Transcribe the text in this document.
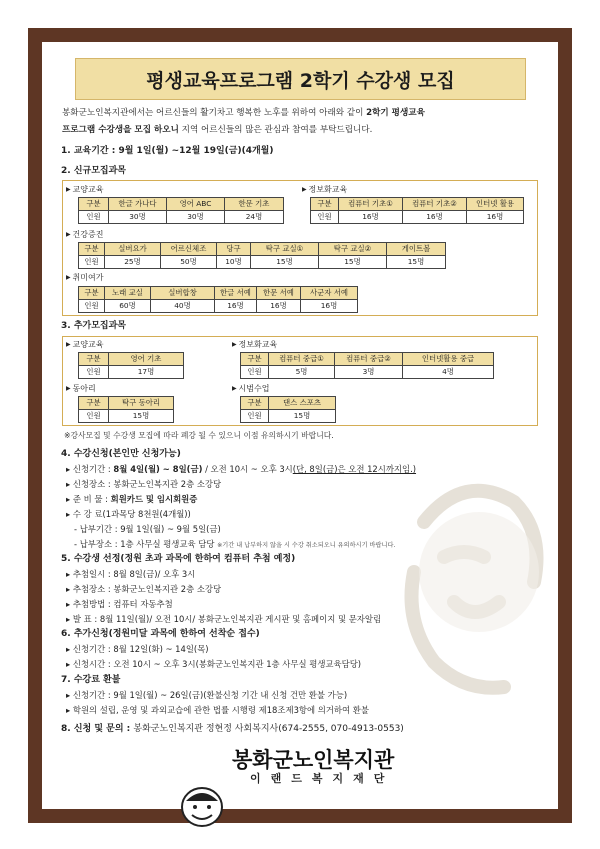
평생교육프로그램 2학기 수강생 모집
봉화군노인복지관에서는 어르신들의 활기차고 행복한 노후를 위하여 아래와 같이 2학기 평생교육
프로그램 수강생을 모집 하오니 지역 어르신들의 많은 관심과 참여를 부탁드립니다.
1. 교육기간 : 9월 1일(월) ~12월 19일(금)(4개월)
2. 신규모집과목
▶ 교양교육
구분	한글 가나다	영어 ABC	한문 기초
인원	30명	30명	24명
▶ 정보화교육
구분	컴퓨터 기초①	컴퓨터 기초②	인터넷 활용
인원	16명	16명	16명
▶ 건강증진
구분	실버요가	어르신체조	당구	탁구 교실①	탁구 교실②	게이트볼
인원	25명	50명	10명	15명	15명	15명
▶ 취미여가
구분	노래 교실	실버합창	한글 서예	한문 서예	사군자 서예
인원	60명	40명	16명	16명	16명
3. 추가모집과목
▶ 교양교육
구분	영어 기초
인원	17명
▶ 정보화교육
구분	컴퓨터 중급①	컴퓨터 중급②	인터넷활용 중급
인원	5명	3명	4명
▶ 동아리
구분	탁구 동아리
인원	15명
▶ 시범수업
구분	댄스 스포츠
인원	15명
※강사모집 및 수강생 모집에 따라 폐강 될 수 있으니 이점 유의하시기 바랍니다.
4. 수강신청(본인만 신청가능)
▸ 신청기간 : 8월 4일(월) ~ 8일(금) / 오전 10시 ~ 오후 3시(단, 8일(금)은 오전 12시까지임.)
▸ 신청장소 : 봉화군노인복지관 2층 소강당
▸ 준 비 물 : 회원카드 및 임시회원증
▸ 수 강 료(1과목당 8천원(4개월))
- 납부기간 : 9월 1일(월) ~ 9월 5일(금)
- 납부장소 : 1층 사무실 평생교육 담당 ※기간 내 납부하지 않을 시 수강 취소되오니 유의하시기 바랍니다.
5. 수강생 선정(정원 초과 과목에 한하여 컴퓨터 추첨 예정)
▸ 추첨일시 : 8월 8일(금)/ 오후 3시
▸ 추첨장소 : 봉화군노인복지관 2층 소강당
▸ 추첨방법 : 컴퓨터 자동추첨
▸ 발 표 : 8월 11일(월)/ 오전 10시/ 봉화군노인복지관 게시판 및 홈페이지 및 문자알림
6. 추가신청(정원미달 과목에 한하여 선착순 접수)
▸ 신청기간 : 8월 12일(화) ~ 14일(목)
▸ 신청시간 : 오전 10시 ~ 오후 3시(봉화군노인복지관 1층 사무실 평생교육담당)
7. 수강료 환불
▸ 신청기간 : 9월 1일(월) ~ 26일(금)(환불신청 기간 내 신청 건만 환불 가능)
▸ 학원의 설립, 운영 및 과외교습에 관한 법률 시행령 제18조제3항에 의거하여 환불
8. 신청 및 문의 : 봉화군노인복지관 정현정 사회복지사(674-2555, 070-4913-0553)
봉화군노인복지관
이랜드복지재단
